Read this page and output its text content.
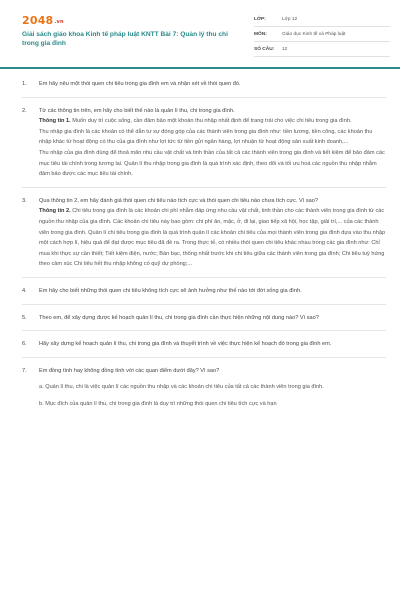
2048.vn
Giải sách giáo khoa Kinh tế pháp luật KNTT Bài 7: Quản lý thu chi trong gia đình
LỚP:	Lớp 12
MÔN:	Giáo dục Kinh tế và Pháp luật
SỐ CÂU:	12
1.	Em hãy nêu một thói quen chi tiêu trong gia đình em và nhận xét về thói quen đó.
2.	Từ các thông tin trên, em hãy cho biết thế nào là quản lí thu, chi trong gia đình.
Thông tin 1. Muốn duy trì cuộc sống, cần đảm bảo một khoản thu nhập nhất định để trang trải cho việc chi tiêu trong gia đình.
Thu nhập gia đình là các khoản có thể dẫn tư sự đóng góp của các thành viên trong gia đình như: tiền lương, tiền công, các khoản thu nhập khác từ hoạt động có thu của gia đình như lợi tức từ tiền gửi ngân hàng, lợi nhuận từ hoạt động sản xuất kinh doanh,...
Thu nhập của gia đình dùng để thoả mãn nhu cầu vật chất và tinh thần của tất cả các thành viên trong gia đình và tiết kiệm để bảo đảm các mục tiêu tài chính trong tương lai. Quản lí thu nhập trong gia đình là quá trình xác định, theo dõi và tối ưu hoá các nguồn thu nhập nhằm đảm bảo được các mục tiêu tài chính.
3.	Qua thông tin 2, em hãy đánh giá thói quen chi tiêu nào tích cực và thói quen chi tiêu nào chưa tích cực. Vì sao?
Thông tin 2. Chi tiêu trong gia đình là các khoản chi phí nhằm đáp ứng nhu cầu vật chất, tinh thần cho các thành viên trong gia đình từ các nguồn thu nhập của gia đình. Các khoản chi tiêu này bao gồm: chi phí ăn, mặc, ở, đi lại, giao tiếp xã hội, học tập, giải trí,... của các thành viên trong gia đình. Quản lí chi tiêu trong gia đình là quá trình quản lí các khoản chi tiêu của mọi thành viên trong gia đình dựa vào thu nhập một cách hợp lí, hiệu quả để đạt được mục tiêu đã đề ra. Trong thực tế, có nhiều thói quen chi tiêu khác nhau trong các gia đình như: Chỉ mua khi thực sự cần thiết; Tiết kiệm điện, nước; Bàn bạc, thống nhất trước khi chi tiêu giữa các thành viên trong gia đình; Chi tiêu tuỳ hứng theo cảm xúc Chi tiêu hết thu nhập không có quỹ dự phòng;...
4.	Em hãy cho biết những thói quen chi tiêu không tích cực sẽ ảnh hưởng như thế nào tới đời sống gia đình.
5.	Theo em, để xây dựng được kế hoạch quản lí thu, chi trong gia đình cần thực hiện những nội dung nào? Vì sao?
6.	Hãy xây dựng kế hoạch quản lí thu, chi trong gia đình và thuyết trình về việc thực hiện kế hoạch đó trong gia đình em.
7.	Em đồng tình hay không đồng tình với các quan điểm dưới đây? Vì sao?
a. Quản lí thu, chi là việc quản lí các nguồn thu nhập và các khoản chi tiêu của tất cả các thành viên trong gia đình.
b. Mục đích của quản lí thu, chi trong gia đình là duy trì những thói quen chi tiêu tích cực và hạn
